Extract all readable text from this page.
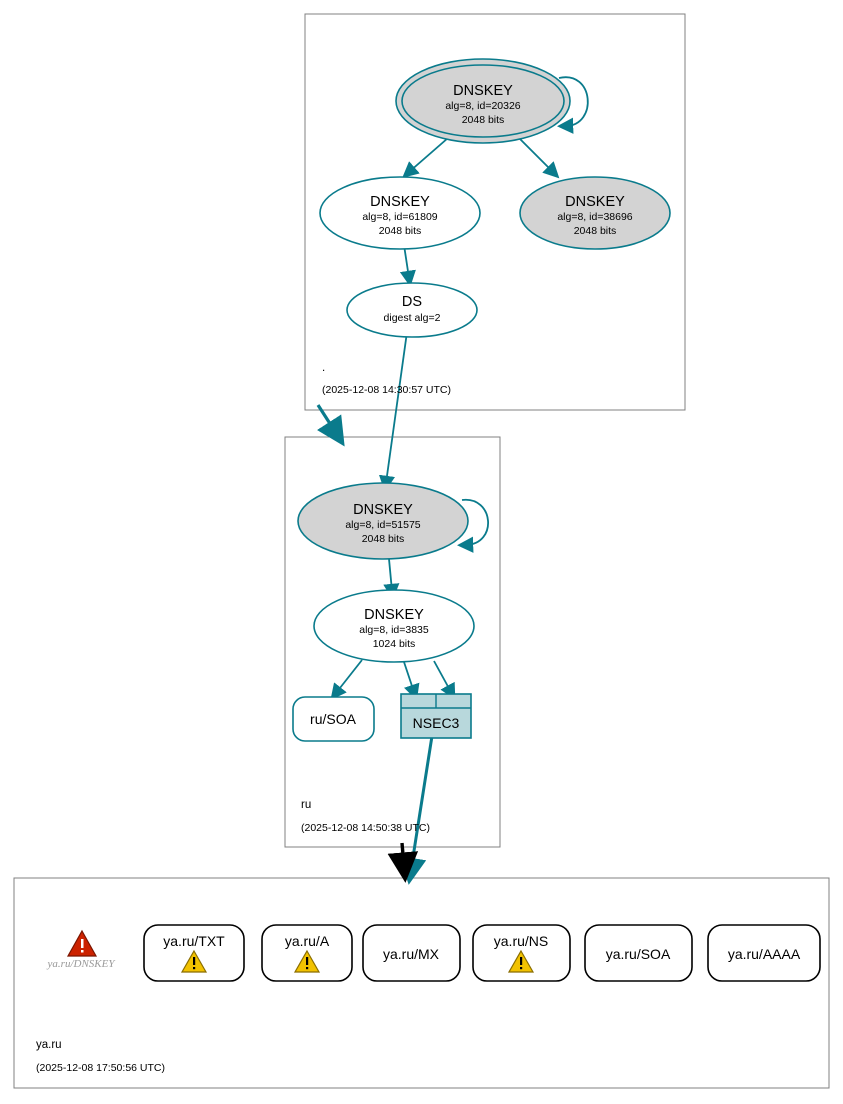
DNSKEY
alg=8, id=20326
2048 bits
DNSKEY
alg=8, id=61809
2048 bits
DNSKEY
alg=8, id=38696
2048 bits
DS
digest alg=2
.
(2025-12-08 14:30:57 UTC)
DNSKEY
alg=8, id=51575
2048 bits
DNSKEY
alg=8, id=3835
1024 bits
ru/SOA	NSEC3
ru
(2025-12-08 14:50:38 UTC)
ya.ru/DNSKEY
ya.ru/TXT	ya.ru/A
ya.ru/MX
ya.ru/NS
ya.ru/SOA	ya.ru/AAAA
ya.ru
(2025-12-08 17:50:56 UTC)
